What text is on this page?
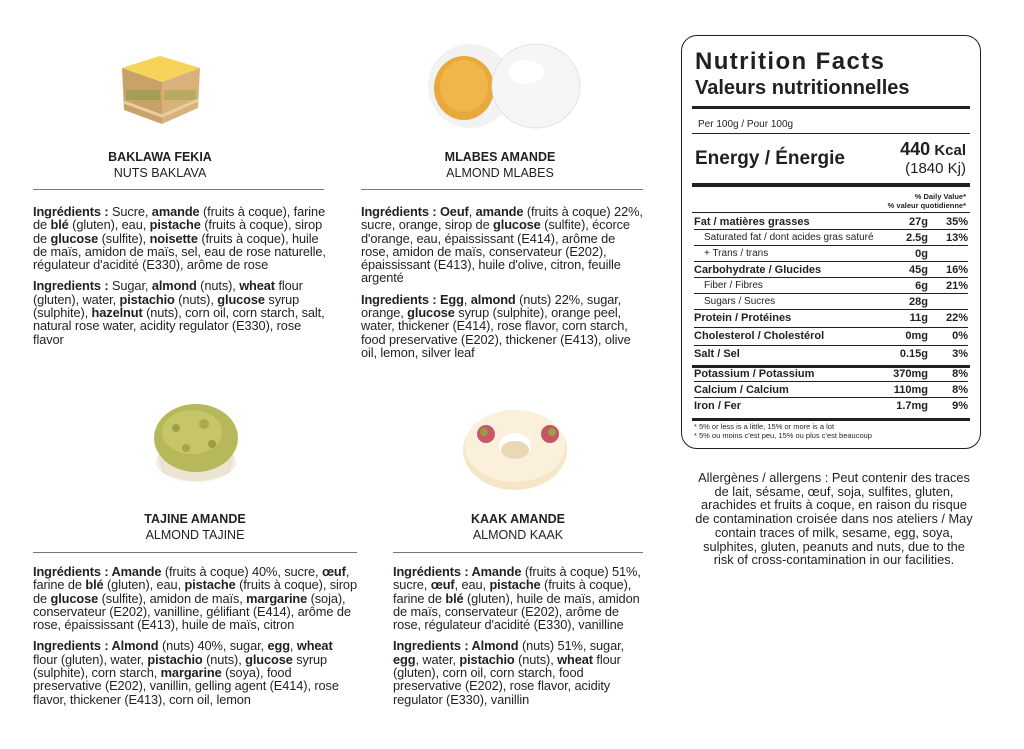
BAKLAWA FEKIA
NUTS BAKLAVA

Ingrédients : Sucre, amande (fruits à coque), farine de blé (gluten), eau, pistache (fruits à coque), sirop de glucose (sulfite), noisette (fruits à coque), huile de maïs, amidon de maïs, sel, eau de rose naturelle, régulateur d'acidité (E330), arôme de rose

Ingredients : Sugar, almond (nuts), wheat flour (gluten), water, pistachio (nuts), glucose syrup (sulphite), hazelnut (nuts), corn oil, corn starch, salt, natural rose water, acidity regulator (E330), rose flavor

MLABES AMANDE
ALMOND MLABES

Ingrédients : Oeuf, amande (fruits à coque) 22%, sucre, orange, sirop de glucose (sulfite), écorce d'orange, eau, épaississant (E414), arôme de rose, amidon de maïs, conservateur (E202), épaississant (E413), huile d'olive, citron, feuille argenté

Ingredients : Egg, almond (nuts) 22%, sugar, orange, glucose syrup (sulphite), orange peel, water, thickener (E414), rose flavor, corn starch, food preservative (E202), thickener (E413), olive oil, lemon, silver leaf

TAJINE AMANDE
ALMOND TAJINE

Ingrédients : Amande (fruits à coque) 40%, sucre, œuf, farine de blé (gluten), eau, pistache (fruits à coque), sirop de glucose (sulfite), amidon de maïs, margarine (soja), conservateur (E202), vanilline, gélifiant (E414), arôme de rose, épaississant (E413), huile de maïs, citron

Ingredients : Almond (nuts) 40%, sugar, egg, wheat flour (gluten), water, pistachio (nuts), glucose syrup (sulphite), corn starch, margarine (soya), food preservative (E202), vanillin, gelling agent (E414), rose flavor, thickener (E413), corn oil, lemon

KAAK AMANDE
ALMOND KAAK

Ingrédients : Amande (fruits à coque) 51%, sucre, œuf, eau, pistache (fruits à coque), farine de blé (gluten), huile de maïs, amidon de maïs, conservateur (E202), arôme de rose, régulateur d'acidité (E330), vanilline

Ingredients : Almond (nuts) 51%, sugar, egg, water, pistachio (nuts), wheat flour (gluten), corn oil, corn starch, food preservative (E202), rose flavor, acidity regulator (E330), vanillin

Nutrition Facts
Valeurs nutritionnelles
Per 100g / Pour 100g
Energy / Énergie	440 Kcal
(1840 Kj)
% Daily Value*
% valeur quotidienne*
Fat / matières grasses	27g 35%
Saturated fat / dont acides gras saturé	2.5g 13%
+ Trans / trans	0g
Carbohydrate / Glucides	45g 16%
Fiber / Fibres	6g 21%
Sugars / Sucres	28g
Protein / Protéines	11g 22%
Cholesterol / Cholestérol	0mg 0%
Salt / Sel	0.15g 3%
Potassium / Potassium	370mg 8%
Calcium / Calcium	110mg 8%
Iron / Fer	1.7mg 9%
* 5% or less is a little, 15% or more is a lot
* 5% ou moins c'est peu, 15% ou plus c'est beaucoup
Allergènes / allergens : Peut contenir des traces de lait, sésame, œuf, soja, sulfites, gluten, arachides et fruits à coque, en raison du risque de contamination croisée dans nos ateliers / May contain traces of milk, sesame, egg, soya, sulphites, gluten, peanuts and nuts, due to the risk of cross-contamination in our facilities.
